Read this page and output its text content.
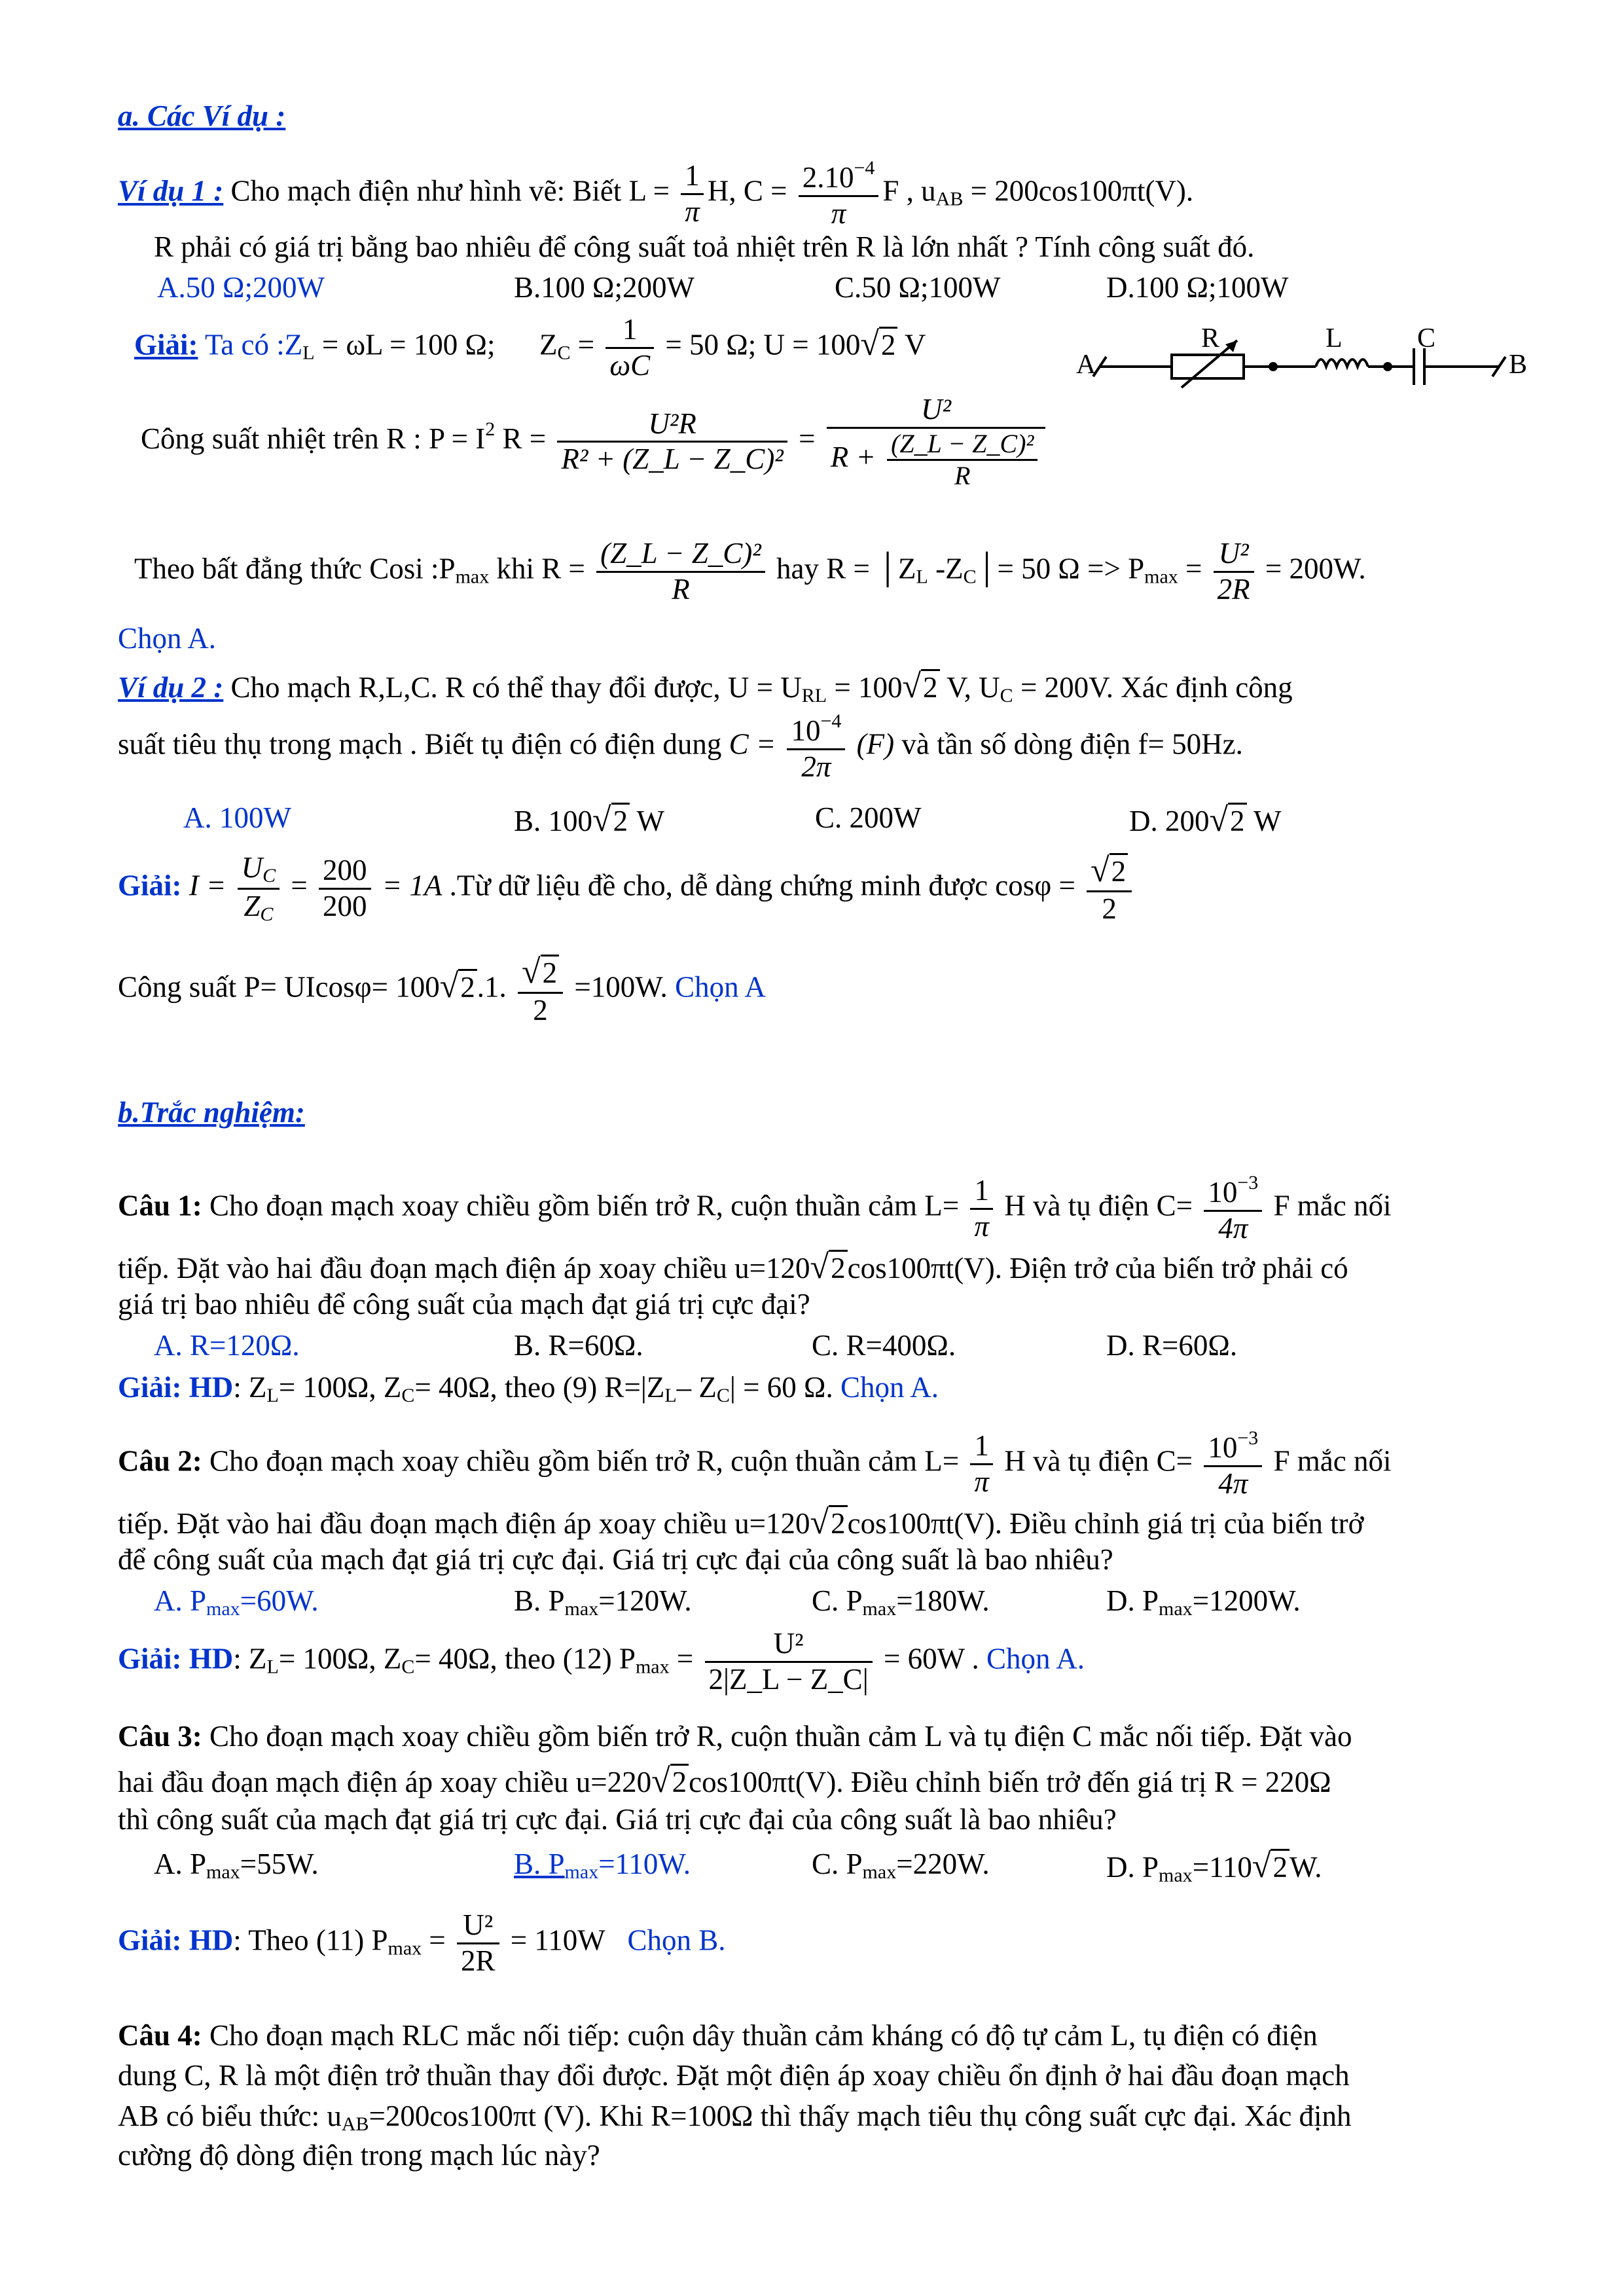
a. Các Ví dụ :
Ví dụ 1 : Cho mạch điện như hình vẽ: Biết $L = \frac{1}{\pi} H$, $C = \frac{2.10^{-4}}{\pi}$ F , uAB = 200cos100πt(V).
R phải có giá trị bằng bao nhiêu để công suất toả nhiệt trên R là lớn nhất ? Tính công suất đó.
A.50 Ω;200W	B.100 Ω;200W	C.50 Ω;100W	D.100 Ω;100W
Giải: Ta có :ZL = ωL = 100 Ω; ZC = $\frac{1}{\omega C} = 50$ Ω; U = 100√2 V
A	B
R	L	C
Công suất nhiệt trên R : $P = I^2$ $R = \frac{\text{U²R}}{\text{R² + (Z\_L − Z\_C)²}} = \frac{\text{U²}}{R + \frac{\text{(Z\_L − Z\_C)²}}{R}}$
Theo bất đẳng thức Cosi :Pmax khi $R = \frac{\text{(Z\_L − Z\_C)²}}{R}$ hay R = │ZL -ZC│= 50 $\Omega => Pmax = \frac{\text{U²}}{2R} = 200W$.
Chọn A.
Ví dụ 2 : Cho mạch R,L,C. R có thể thay đổi được, U = URL = 100√2 V, UC = 200V. Xác định công
suất tiêu thụ trong mạch . Biết tụ điện có điện dung $C = \frac{10^{-4}}{2\pi} (F)$ và tần số dòng điện f= 50Hz.
A. 100W	B. 100√2 W	C. 200W	D. 200√2 W
Giải: $I = \frac{UC}{ZC} = \frac{200}{200} = 1A$ .Từ dữ liệu đề cho, dễ dàng chứng minh được $\cos\varphi = \frac{√2}{2}$
Công suất P= UIcosφ= 100√2.1. $\frac{√2}{2} =100W$. Chọn A
b.Trắc nghiệm:
Câu 1: Cho đoạn mạch xoay chiều gồm biến trở R, cuộn thuần cảm $L= \frac{1}{\pi}$ H và tụ điện $C= \frac{10^{-3}}{4\pi}$ F mắc nối
tiếp. Đặt vào hai đầu đoạn mạch điện áp xoay chiều u=120√2cos100πt(V). Điện trở của biến trở phải có
giá trị bao nhiêu để công suất của mạch đạt giá trị cực đại?
A. R=120Ω.	B. R=60Ω.	C. R=400Ω.	D. R=60Ω.
Giải: HD: ZL= 100Ω, ZC= 40Ω, theo (9) R=|ZL– ZC| = 60 Ω. Chọn A.
Câu 2: Cho đoạn mạch xoay chiều gồm biến trở R, cuộn thuần cảm $L= \frac{1}{\pi}$ H và tụ điện $C= \frac{10^{-3}}{4\pi}$ F mắc nối
tiếp. Đặt vào hai đầu đoạn mạch điện áp xoay chiều u=120√2cos100πt(V). Điều chỉnh giá trị của biến trở
để công suất của mạch đạt giá trị cực đại. Giá trị cực đại của công suất là bao nhiêu?
A. Pmax=60W.	B. Pmax=120W.	C. Pmax=180W.	D. Pmax=1200W.
Giải: HD: ZL= 100Ω, ZC= 40Ω, theo (12) $Pmax = \frac{\text{U²}}{2|Z\_L - Z\_C|} = 60W$ . Chọn A.
Câu 3: Cho đoạn mạch xoay chiều gồm biến trở R, cuộn thuần cảm L và tụ điện C mắc nối tiếp. Đặt vào
hai đầu đoạn mạch điện áp xoay chiều u=220√2cos100πt(V). Điều chỉnh biến trở đến giá trị R = 220Ω
thì công suất của mạch đạt giá trị cực đại. Giá trị cực đại của công suất là bao nhiêu?
A. Pmax=55W.	B. Pmax=110W.	C. Pmax=220W.	D. Pmax=110√2W.
Giải: HD: Theo (11) $Pmax = \frac{\text{U²}}{2R} = 110W$ Chọn B.
Câu 4: Cho đoạn mạch RLC mắc nối tiếp: cuộn dây thuần cảm kháng có độ tự cảm L, tụ điện có điện
dung C, R là một điện trở thuần thay đổi được. Đặt một điện áp xoay chiều ổn định ở hai đầu đoạn mạch
AB có biểu thức: uAB=200cos100πt (V). Khi R=100Ω thì thấy mạch tiêu thụ công suất cực đại. Xác định
cường độ dòng điện trong mạch lúc này?
